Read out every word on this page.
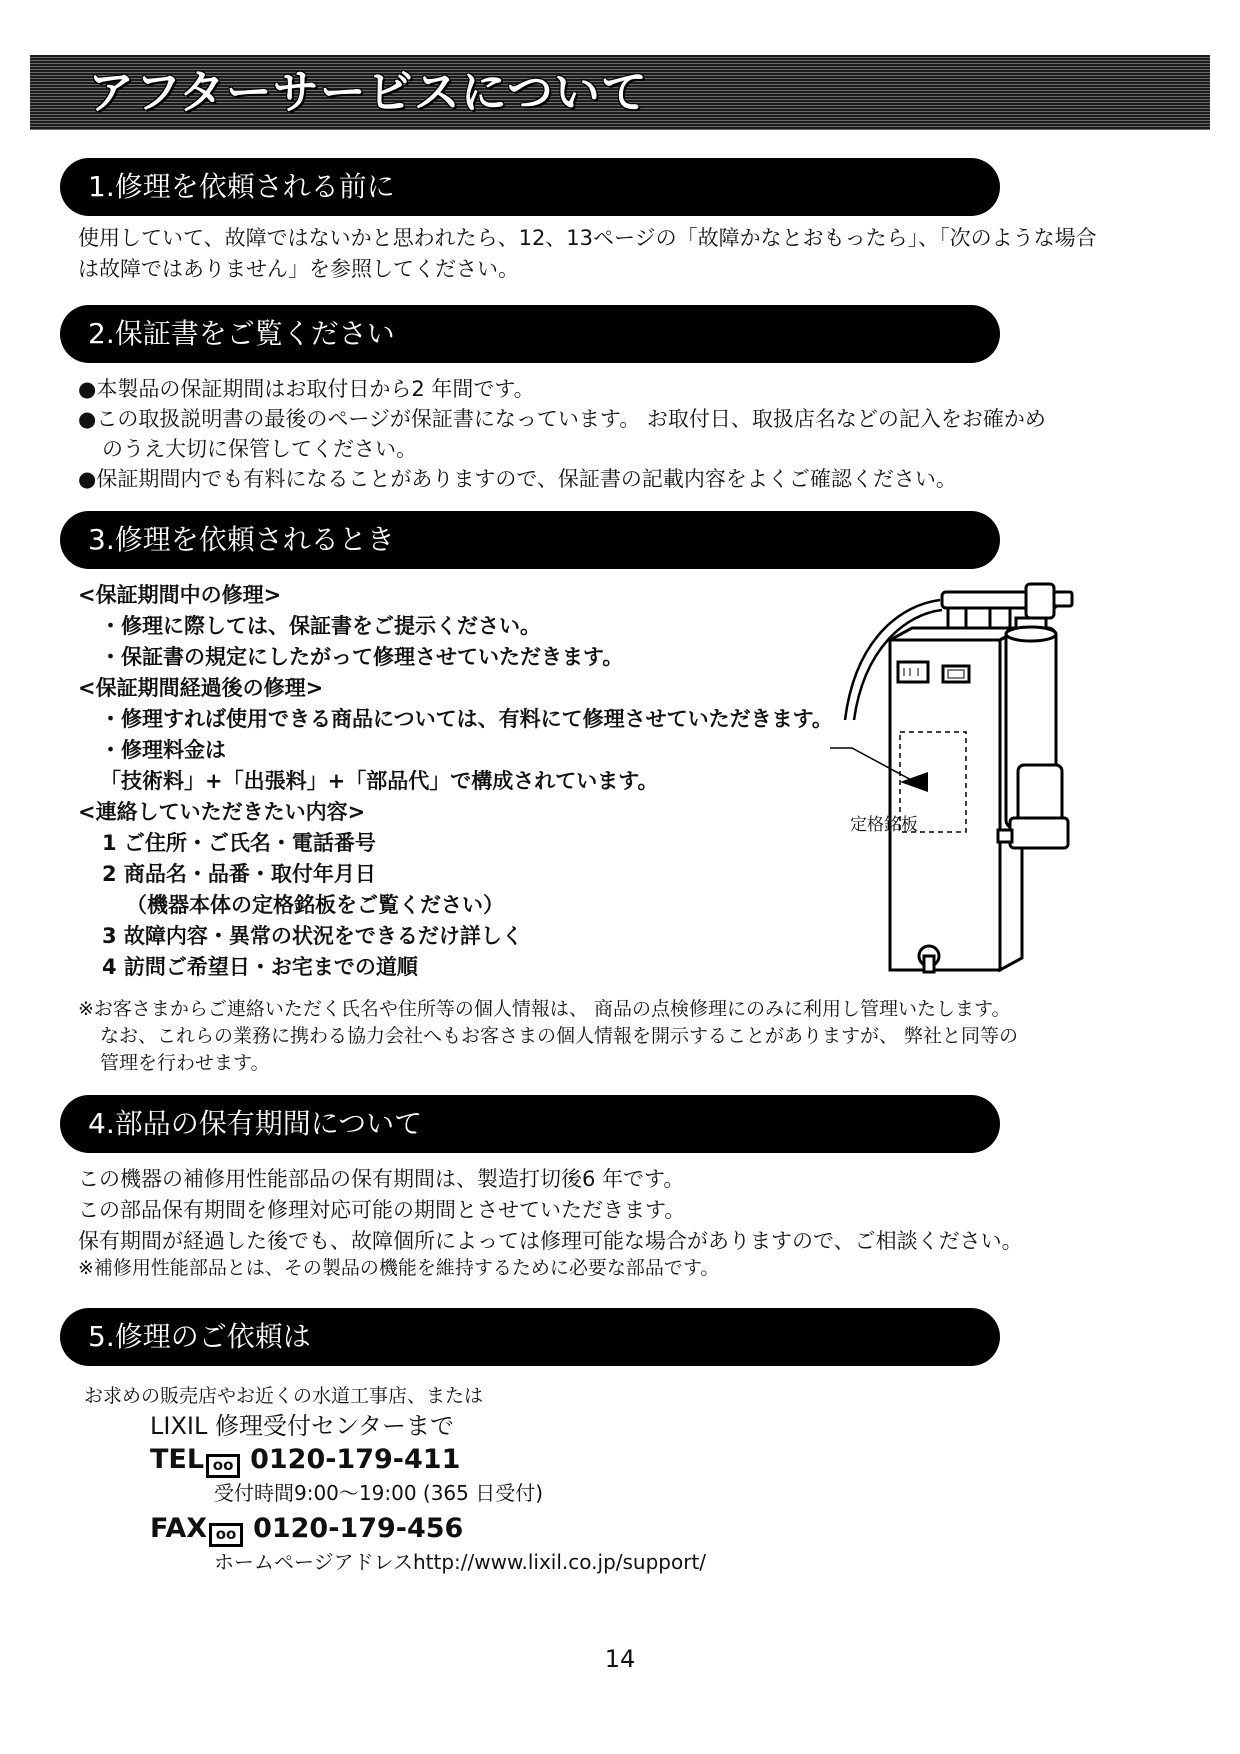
アフターサービスについて
1.修理を依頼される前に
使用していて、故障ではないかと思われたら、12、13ページの「故障かなとおもったら」、「次のような場合
は故障ではありません」を参照してください。
2.保証書をご覧ください
●本製品の保証期間はお取付日から2 年間です。
●この取扱説明書の最後のページが保証書になっています。 お取付日、取扱店名などの記入をお確かめ
のうえ大切に保管してください。
●保証期間内でも有料になることがありますので、保証書の記載内容をよくご確認ください。
3.修理を依頼されるとき
<保証期間中の修理>
・修理に際しては、保証書をご提示ください。
・保証書の規定にしたがって修理させていただきます。
<保証期間経過後の修理>
・修理すれば使用できる商品については、有料にて修理させていただきます。
・修理料金は
「技術料」+「出張料」+「部品代」で構成されています。
<連絡していただきたい内容>
1 ご住所・ご氏名・電話番号
2 商品名・品番・取付年月日
（機器本体の定格銘板をご覧ください）
3 故障内容・異常の状況をできるだけ詳しく
4 訪問ご希望日・お宅までの道順
※お客さまからご連絡いただく氏名や住所等の個人情報は、 商品の点検修理にのみに利用し管理いたします。
なお、これらの業務に携わる協力会社へもお客さまの個人情報を開示することがありますが、 弊社と同等の
管理を行わせます。
定格銘板
4.部品の保有期間について
この機器の補修用性能部品の保有期間は、製造打切後6 年です。
この部品保有期間を修理対応可能の期間とさせていただきます。
保有期間が経過した後でも、故障個所によっては修理可能な場合がありますので、ご相談ください。
※補修用性能部品とは、その製品の機能を維持するために必要な部品です。
5.修理のご依頼は
お求めの販売店やお近くの水道工事店、または
LIXIL 修理受付センターまで
TEL oo 0120-179-411
受付時間9:00～19:00 (365 日受付)
FAX oo 0120-179-456
ホームページアドレスhttp://www.lixil.co.jp/support/
14
